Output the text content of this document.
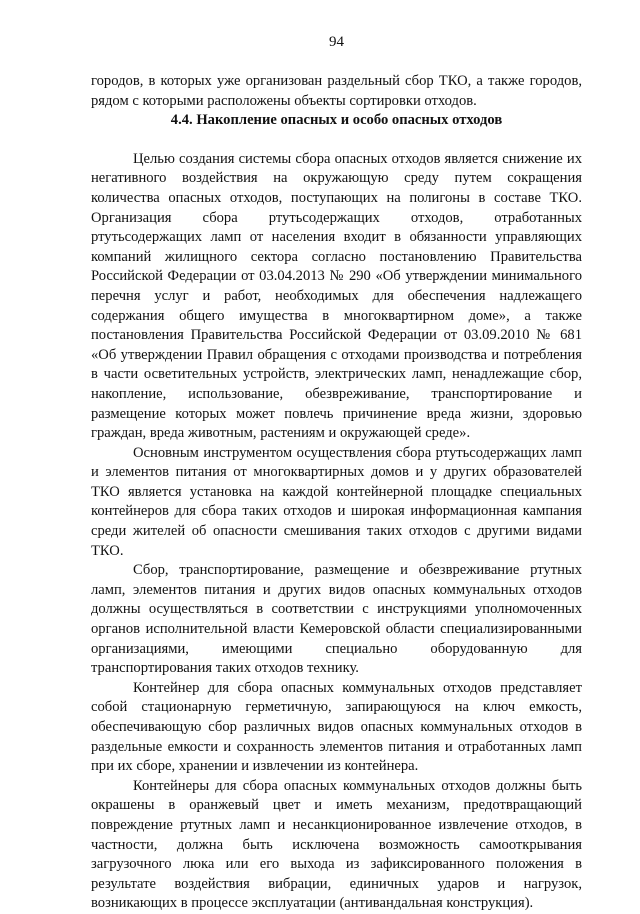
94

городов, в которых уже организован раздельный сбор ТКО, а также городов, рядом с которыми расположены объекты сортировки отходов.

4.4. Накопление опасных и особо опасных отходов

Целью создания системы сбора опасных отходов является снижение их негативного воздействия на окружающую среду путем сокращения количества опасных отходов, поступающих на полигоны в составе ТКО. Организация сбора ртутьсодержащих отходов, отработанных ртутьсодержащих ламп от населения входит в обязанности управляющих компаний жилищного сектора согласно постановлению Правительства Российской Федерации от 03.04.2013 № 290 «Об утверждении минимального перечня услуг и работ, необходимых для обеспечения надлежащего содержания общего имущества в многоквартирном доме», а также постановления Правительства Российской Федерации от 03.09.2010 № 681 «Об утверждении Правил обращения с отходами производства и потребления в части осветительных устройств, электрических ламп, ненадлежащие сбор, накопление, использование, обезвреживание, транспортирование и размещение которых может повлечь причинение вреда жизни, здоровью граждан, вреда животным, растениям и окружающей среде».

Основным инструментом осуществления сбора ртутьсодержащих ламп и элементов питания от многоквартирных домов и у других образователей ТКО является установка на каждой контейнерной площадке специальных контейнеров для сбора таких отходов и широкая информационная кампания среди жителей об опасности смешивания таких отходов с другими видами ТКО.

Сбор, транспортирование, размещение и обезвреживание ртутных ламп, элементов питания и других видов опасных коммунальных отходов должны осуществляться в соответствии с инструкциями уполномоченных органов исполнительной власти Кемеровской области специализированными организациями, имеющими специально оборудованную для транспортирования таких отходов технику.

Контейнер для сбора опасных коммунальных отходов представляет собой стационарную герметичную, запирающуюся на ключ емкость, обеспечивающую сбор различных видов опасных коммунальных отходов в раздельные емкости и сохранность элементов питания и отработанных ламп при их сборе, хранении и извлечении из контейнера.

Контейнеры для сбора опасных коммунальных отходов должны быть окрашены в оранжевый цвет и иметь механизм, предотвращающий повреждение ртутных ламп и несанкционированное извлечение отходов, в частности, должна быть исключена возможность самооткрывания загрузочного люка или его выхода из зафиксированного положения в результате воздействия вибрации, единичных ударов и нагрузок, возникающих в процессе эксплуатации (антивандальная конструкция).
